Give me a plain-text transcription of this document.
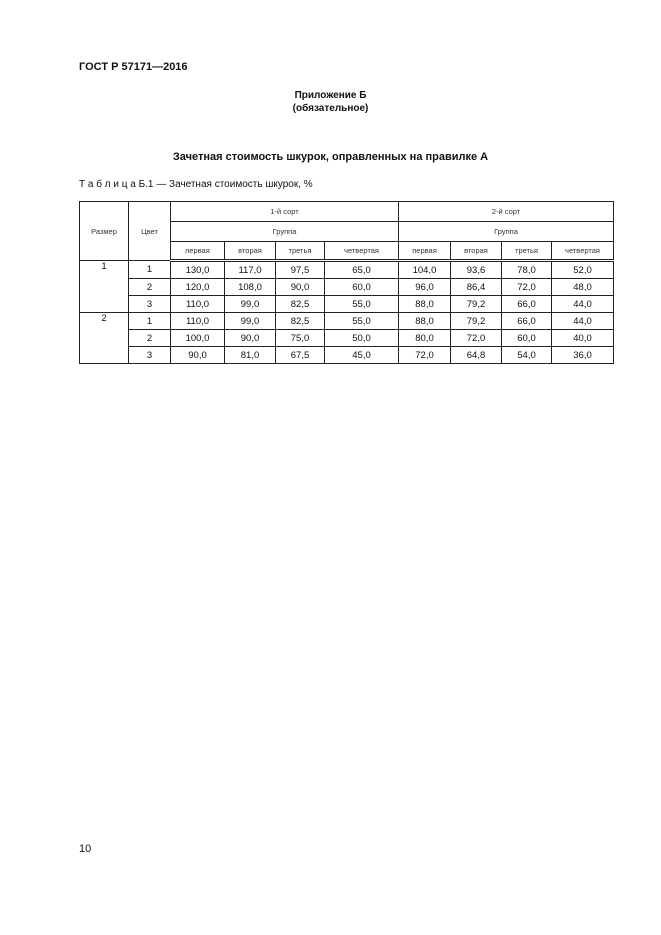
ГОСТ Р 57171—2016
Приложение Б
(обязательное)
Зачетная стоимость шкурок, оправленных на правилке А
Т а б л и ц а Б.1 — Зачетная стоимость шкурок, %
Размер	Цвет	1-й сорт				2-й сорт			
		Группа				Группа			
		первая	вторая	третья	четвертая	первая	вторая	третья	четвертая
1	1	130,0	117,0	97,5	65,0	104,0	93,6	78,0	52,0
	2	120,0	108,0	90,0	60,0	96,0	86,4	72,0	48,0
	3	110,0	99,0	82,5	55,0	88,0	79,2	66,0	44,0
2	1	110,0	99,0	82,5	55,0	88,0	79,2	66,0	44,0
	2	100,0	90,0	75,0	50,0	80,0	72,0	60,0	40,0
	3	90,0	81,0	67,5	45,0	72,0	64,8	54,0	36,0
10
